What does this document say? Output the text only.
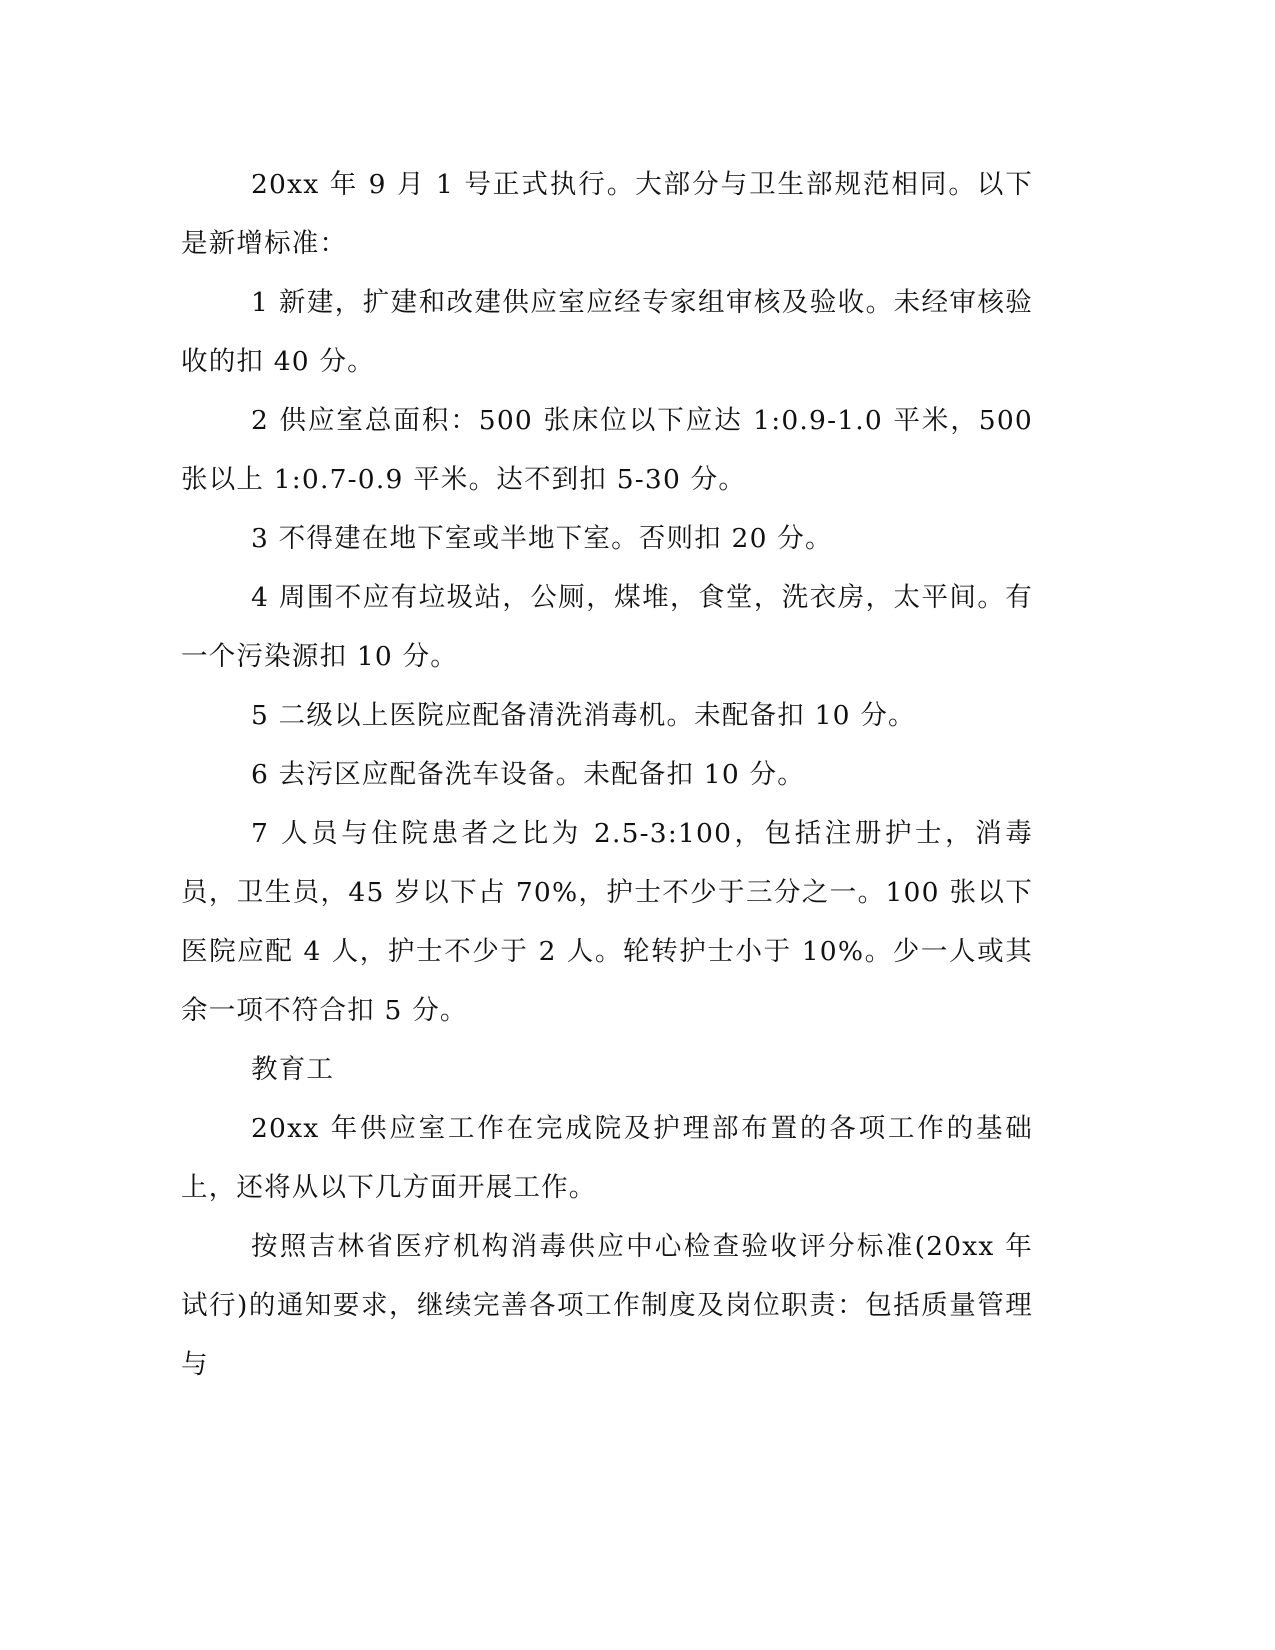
20xx 年 9 月 1 号正式执行。大部分与卫生部规范相同。以下是新增标准：

1 新建，扩建和改建供应室应经专家组审核及验收。未经审核验收的扣 40 分。

2 供应室总面积：500 张床位以下应达 1:0.9-1.0 平米，500 张以上 1:0.7-0.9 平米。达不到扣 5-30 分。

3 不得建在地下室或半地下室。否则扣 20 分。

4 周围不应有垃圾站，公厕，煤堆，食堂，洗衣房，太平间。有一个污染源扣 10 分。

5 二级以上医院应配备清洗消毒机。未配备扣 10 分。

6 去污区应配备洗车设备。未配备扣 10 分。

7 人员与住院患者之比为 2.5-3:100，包括注册护士，消毒员，卫生员，45 岁以下占 70%，护士不少于三分之一。100 张以下医院应配 4 人，护士不少于 2 人。轮转护士小于 10%。少一人或其余一项不符合扣 5 分。

教育工

20xx 年供应室工作在完成院及护理部布置的各项工作的基础上，还将从以下几方面开展工作。

按照吉林省医疗机构消毒供应中心检查验收评分标准(20xx 年试行)的通知要求，继续完善各项工作制度及岗位职责：包括质量管理与
